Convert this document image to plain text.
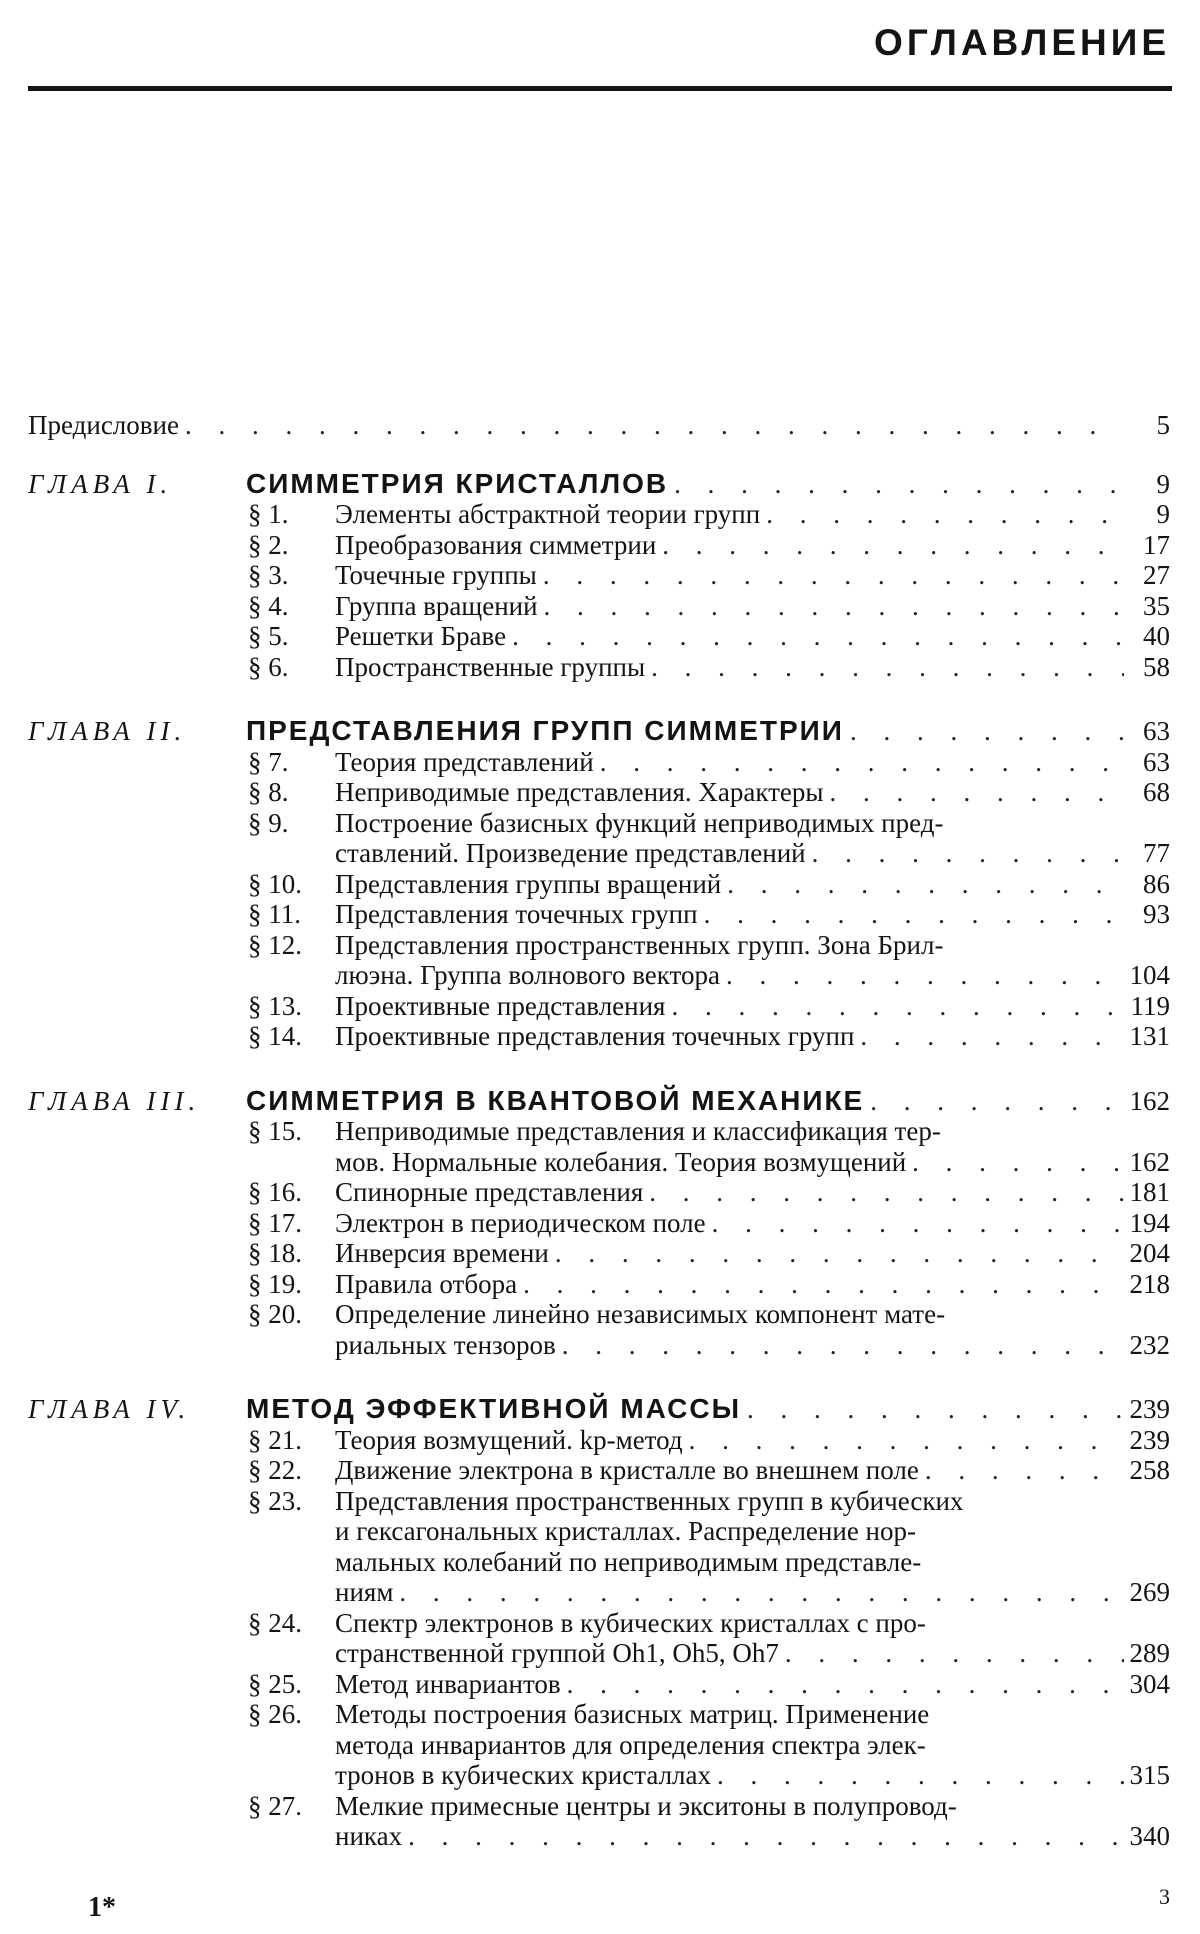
ОГЛАВЛЕНИЕ
Предисловие
. . .	5
ГЛАВА I.	СИММЕТРИЯ КРИСТАЛЛОВ
. . .	9
§ 1.	Элементы абстрактной теории групп
. . .	9
§ 2.	Преобразования симметрии
. . .	17
§ 3.	Точечные группы
. . .	27
§ 4.	Группа вращений
. . .	35
§ 5.	Решетки Браве
. . .	40
§ 6.	Пространственные группы
. . .	58
ГЛАВА II.	ПРЕДСТАВЛЕНИЯ ГРУПП СИММЕТРИИ
. . .	63
§ 7.	Теория представлений
. . .	63
§ 8.	Неприводимые представления. Характеры
. . .	68
§ 9.	Построение базисных функций неприводимых пред-
ставлений. Произведение представлений
. . .	77
§ 10.	Представления группы вращений
. . .	86
§ 11.	Представления точечных групп
. . .	93
§ 12.	Представления пространственных групп. Зона Брил-
люэна. Группа волнового вектора
. . .	104
§ 13.	Проективные представления
. . .	119
§ 14.	Проективные представления точечных групп
. . .	131
ГЛАВА III.	СИММЕТРИЯ В КВАНТОВОЙ МЕХАНИКЕ
. . .	162
§ 15.	Неприводимые представления и классификация тер-
мов. Нормальные колебания. Теория возмущений
. . .	162
§ 16.	Спинорные представления
. . .	181
§ 17.	Электрон в периодическом поле
. . .	194
§ 18.	Инверсия времени
. . .	204
§ 19.	Правила отбора
. . .	218
§ 20.	Определение линейно независимых компонент мате-
риальных тензоров
. . .	232
ГЛАВА IV.	МЕТОД ЭФФЕКТИВНОЙ МАССЫ
. . .	239
§ 21.	Теория возмущений. kp-метод
. . .	239
§ 22.	Движение электрона в кристалле во внешнем поле
. . .	258
§ 23.	Представления пространственных групп в кубических
и гексагональных кристаллах. Распределение нор-
мальных колебаний по неприводимым представле-
ниям
. . .	269
§ 24.	Спектр электронов в кубических кристаллах с про-
странственной группой Oh1, Oh5, Oh7
. . .	289
§ 25.	Метод инвариантов
. . .	304
§ 26.	Методы построения базисных матриц. Применение
метода инвариантов для определения спектра элек-
тронов в кубических кристаллах
. . .	315
§ 27.	Мелкие примесные центры и экситоны в полупровод-
никах
. . .	340
1*	3
